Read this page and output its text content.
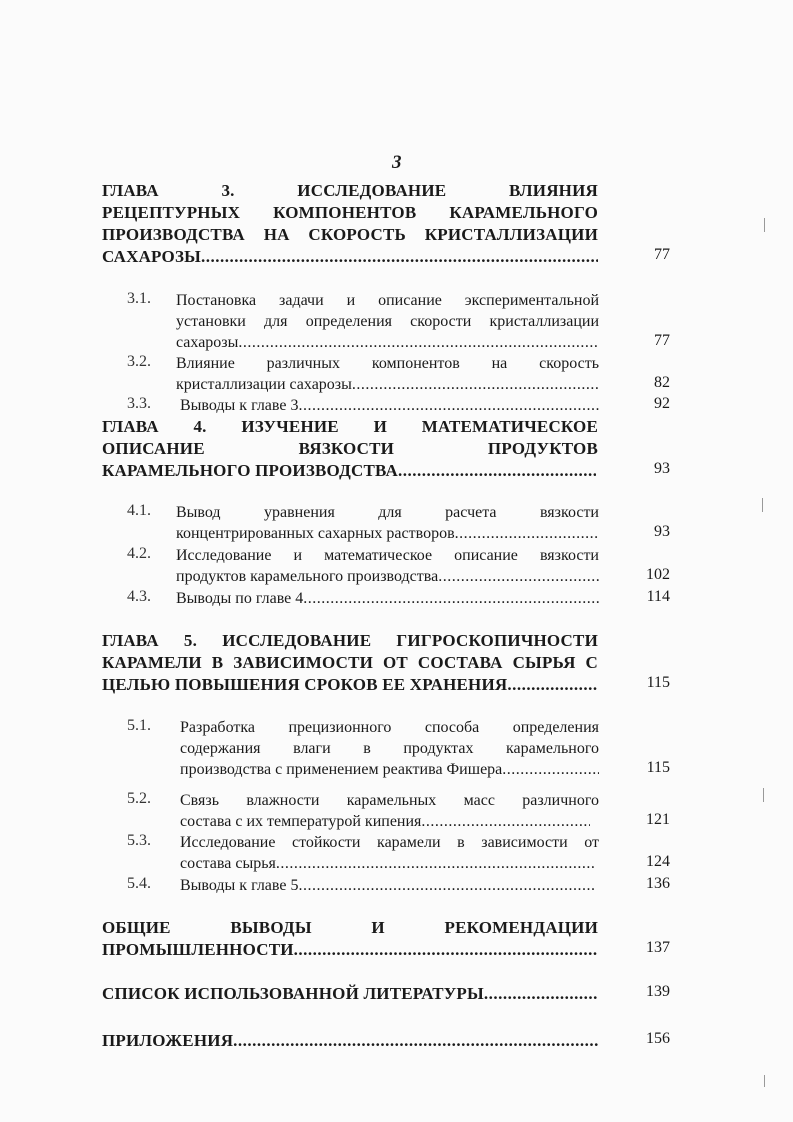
3
ГЛАВА 3. ИССЛЕДОВАНИЕ ВЛИЯНИЯ
РЕЦЕПТУРНЫХ КОМПОНЕНТОВ КАРАМЕЛЬНОГО
ПРОИЗВОДСТВА НА СКОРОСТЬ КРИСТАЛЛИЗАЦИИ
САХАРОЗЫ .....	77
3.1.	Постановка задачи и описание экспериментальной
установки для определения скорости кристаллизации
сахарозы .....	77
3.2.	Влияние различных компонентов на скорость
кристаллизации сахарозы .....	82
3.3.	Выводы к главе 3 .....	92
ГЛАВА 4. ИЗУЧЕНИЕ И МАТЕМАТИЧЕСКОЕ
ОПИСАНИЕ ВЯЗКОСТИ ПРОДУКТОВ
КАРАМЕЛЬНОГО ПРОИЗВОДСТВА .....	93
4.1.	Вывод уравнения для расчета вязкости
концентрированных сахарных растворов .....	93
4.2.	Исследование и математическое описание вязкости
продуктов карамельного производства .....	102
4.3.	Выводы по главе 4 .....	114
ГЛАВА 5. ИССЛЕДОВАНИЕ ГИГРОСКОПИЧНОСТИ
КАРАМЕЛИ В ЗАВИСИМОСТИ ОТ СОСТАВА СЫРЬЯ С
ЦЕЛЬЮ ПОВЫШЕНИЯ СРОКОВ ЕЕ ХРАНЕНИЯ .....	115
5.1.	Разработка прецизионного способа определения
содержания влаги в продуктах карамельного
производства с применением реактива Фишера .....	115
5.2.	Связь влажности карамельных масс различного
состава с их температурой кипения .....	121
5.3.	Исследование стойкости карамели в зависимости от
состава сырья .....	124
5.4.	Выводы к главе 5 .....	136
ОБЩИЕ ВЫВОДЫ И РЕКОМЕНДАЦИИ
ПРОМЫШЛЕННОСТИ .....	137
СПИСОК ИСПОЛЬЗОВАННОЙ ЛИТЕРАТУРЫ .....	139
ПРИЛОЖЕНИЯ .....	156
